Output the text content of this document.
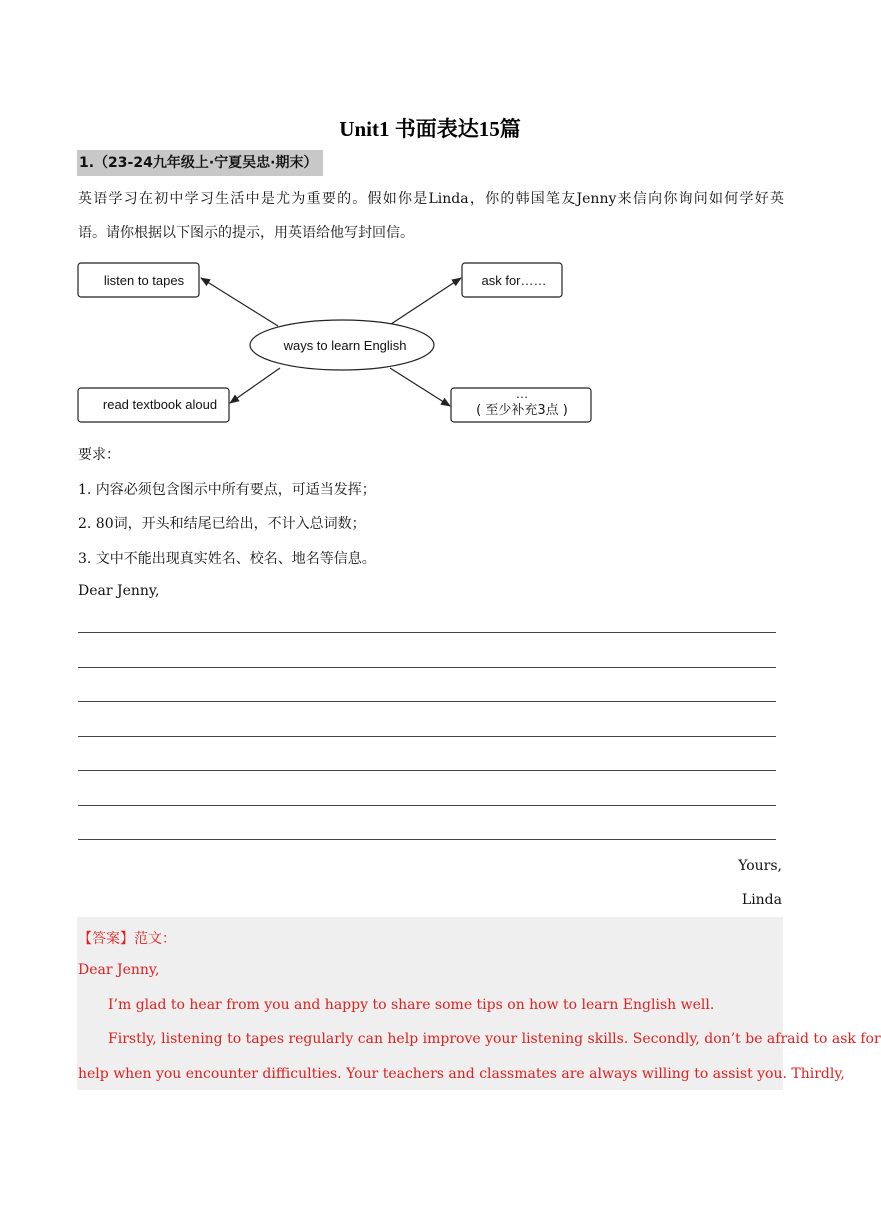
Unit1 书面表达15篇
1.（23-24九年级上·宁夏吴忠·期末）
英语学习在初中学习生活中是尤为重要的。假如你是Linda，你的韩国笔友Jenny来信向你询问如何学好英
语。请你根据以下图示的提示，用英语给他写封回信。
ways to learn English
listen to tapes	ask for……
read textbook aloud
…
( 至少补充3点 )
要求：
1. 内容必须包含图示中所有要点，可适当发挥；
2. 80词，开头和结尾已给出，不计入总词数；
3. 文中不能出现真实姓名、校名、地名等信息。
Dear Jenny,
Yours,
Linda
【答案】范文：
Dear Jenny,
I’m glad to hear from you and happy to share some tips on how to learn English well.
Firstly, listening to tapes regularly can help improve your listening skills. Secondly, don’t be afraid to ask for
help when you encounter difficulties. Your teachers and classmates are always willing to assist you. Thirdly,
